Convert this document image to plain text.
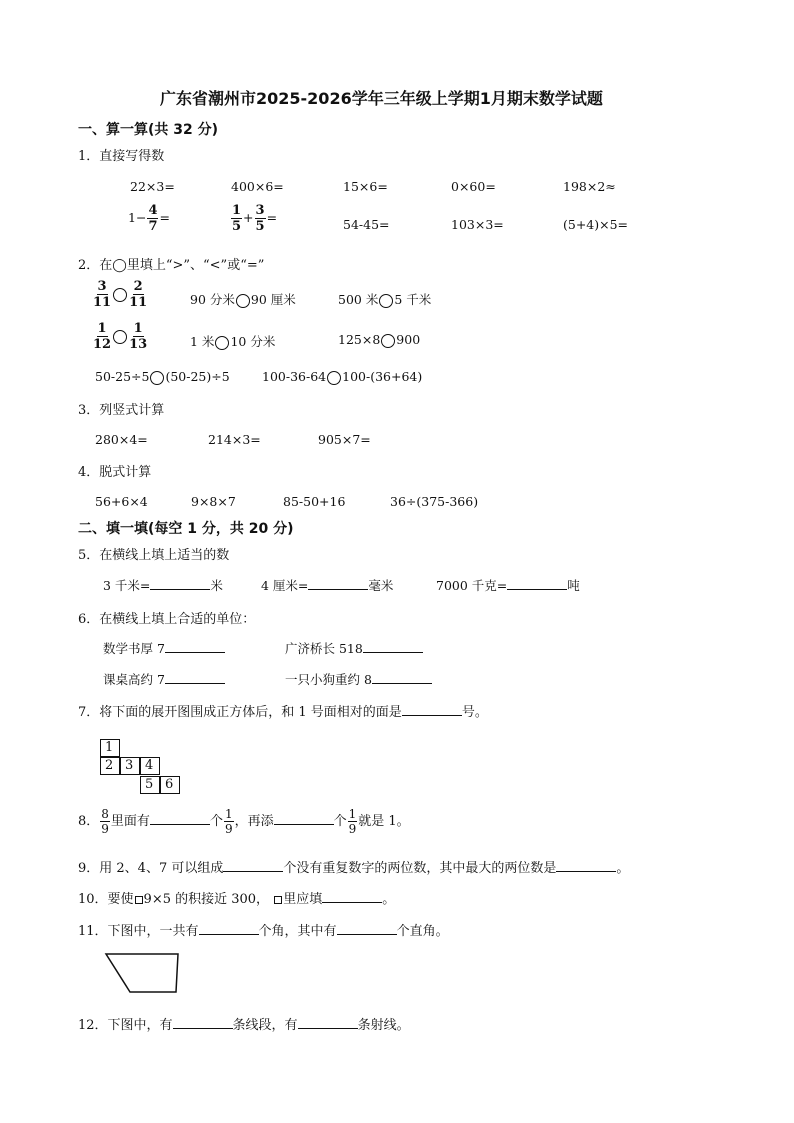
广东省潮州市2025-2026学年三年级上学期1月期末数学试题
一、算一算(共 32 分)
1．直接写得数
22×3=	400×6=	15×6=	0×60=	198×2≈
$1- \frac{4}{7}$ =	$\frac{1}{5} + \frac{3}{5}$ =	54-45=	103×3=	(5+4)×5=
2．在◯里填上“>”、“<”或“=”
$\frac{3}{11} \frac{2}{11}$	90 分米 90 厘米	500 米 5 千米
$\frac{1}{12} \frac{1}{13}$	1 米 10 分米	125×8 900
50-25÷5 (50-25)÷5	100-36-64 100-(36+64)
3．列竖式计算
280×4=	214×3=	905×7=
4．脱式计算
56+6×4	9×8×7	85-50+16	36÷(375-366)
二、填一填(每空 1 分，共 20 分)
5．在横线上填上适当的数
3 千米=	米	4 厘米=	毫米	7000 千克=	吨
6．在横线上填上合适的单位：
数学书厚 7	广济桥长 518
课桌高约 7	一只小狗重约 8
7．将下面的展开图围成正方体后，和 1 号面相对的面是	号。
1
2 3 4
5 6
8． $\frac{8}{9}$ 里面有	个 $\frac{1}{9}$ ，再添	个 $\frac{1}{9}$ 就是 1。
9．用 2、4、7 可以组成	个没有重复数字的两位数，其中最大的两位数是	。
10．要使 9×5 的积接近 300， 里应填	。
11．下图中，一共有	个角，其中有	个直角。
12．下图中，有	条线段，有	条射线。
